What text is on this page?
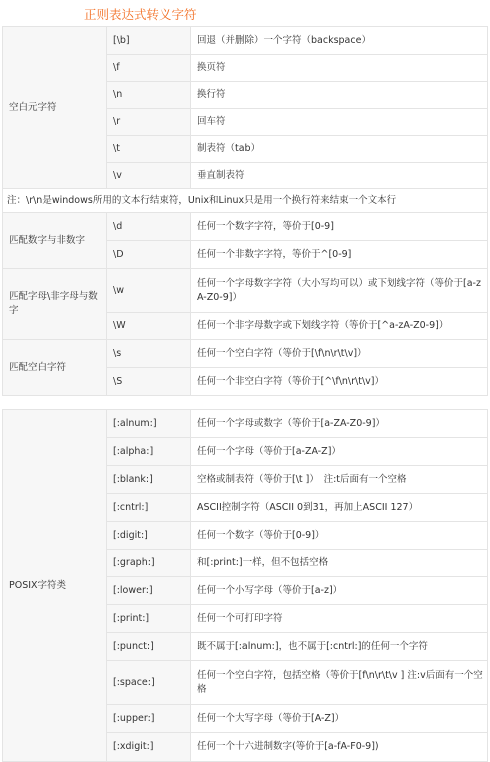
正则表达式转义字符
空白元字符	[\b]	回退（并删除）一个字符（backspace）
	\f	换页符
	\n	换行符
	\r	回车符
	\t	制表符（tab）
	\v	垂直制表符
注：\r\n是windows所用的文本行结束符，Unix和Linux只是用一个换行符来结束一个文本行		
匹配数字与非数字	\d	任何一个数字字符，等价于[0-9]
	\D	任何一个非数字字符，等价于^[0-9]
匹配字母\非字母与数字	\w	任何一个字母数字字符（大小写均可以）或下划线字符（等价于[a-zA-Z0-9]）
	\W	任何一个非字母数字或下划线字符（等价于[^a-zA-Z0-9]）
匹配空白字符	\s	任何一个空白字符（等价于[\f\n\r\t\v]）
	\S	任何一个非空白字符（等价于[^\f\n\r\t\v]）

POSIX字符类	[:alnum:]	任何一个字母或数字（等价于[a-ZA-Z0-9]）
	[:alpha:]	任何一个字母（等价于[a-ZA-Z]）
	[:blank:]	空格或制表符（等价于[\t ]）　注:t后面有一个空格
	[:cntrl:]	ASCII控制字符（ASCII 0到31，再加上ASCII 127）
	[:digit:]	任何一个数字（等价于[0-9]）
	[:graph:]	和[:print:]一样，但不包括空格
	[:lower:]	任何一个小写字母（等价于[a-z]）
	[:print:]	任何一个可打印字符
	[:punct:]	既不属于[:alnum:]，也不属于[:cntrl:]的任何一个字符
	[:space:]	任何一个空白字符，包括空格（等价于[f\n\r\t\v ] 注:v后面有一个空格
	[:upper:]	任何一个大写字母（等价于[A-Z]）
	[:xdigit:]	任何一个十六进制数字(等价于[a-fA-F0-9])
